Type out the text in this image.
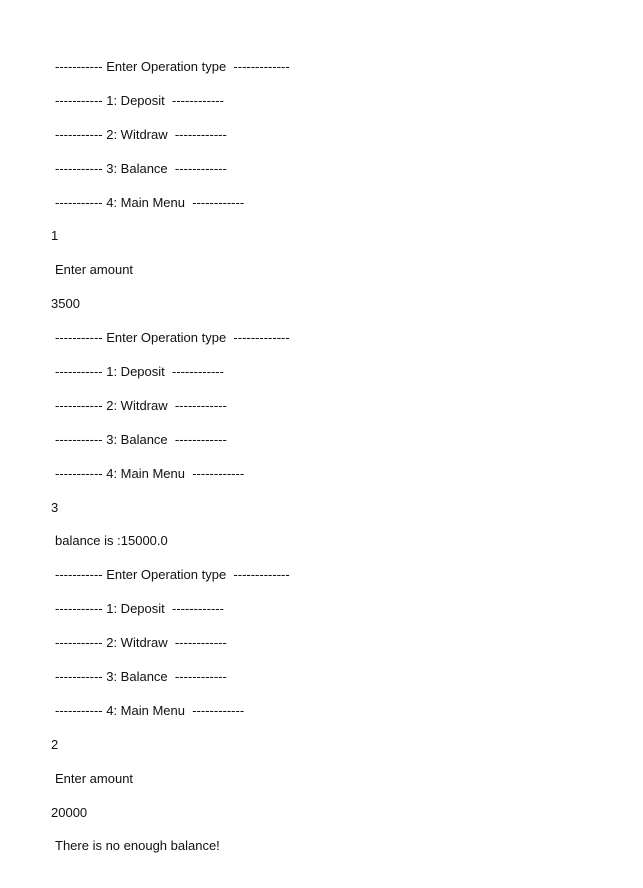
----------- Enter Operation type  -------------
----------- 1: Deposit  ------------
----------- 2: Witdraw  ------------
----------- 3: Balance  ------------
----------- 4: Main Menu  ------------
1
Enter amount
3500
----------- Enter Operation type  -------------
----------- 1: Deposit  ------------
----------- 2: Witdraw  ------------
----------- 3: Balance  ------------
----------- 4: Main Menu  ------------
3
balance is :15000.0
----------- Enter Operation type  -------------
----------- 1: Deposit  ------------
----------- 2: Witdraw  ------------
----------- 3: Balance  ------------
----------- 4: Main Menu  ------------
2
Enter amount
20000
There is no enough balance!
